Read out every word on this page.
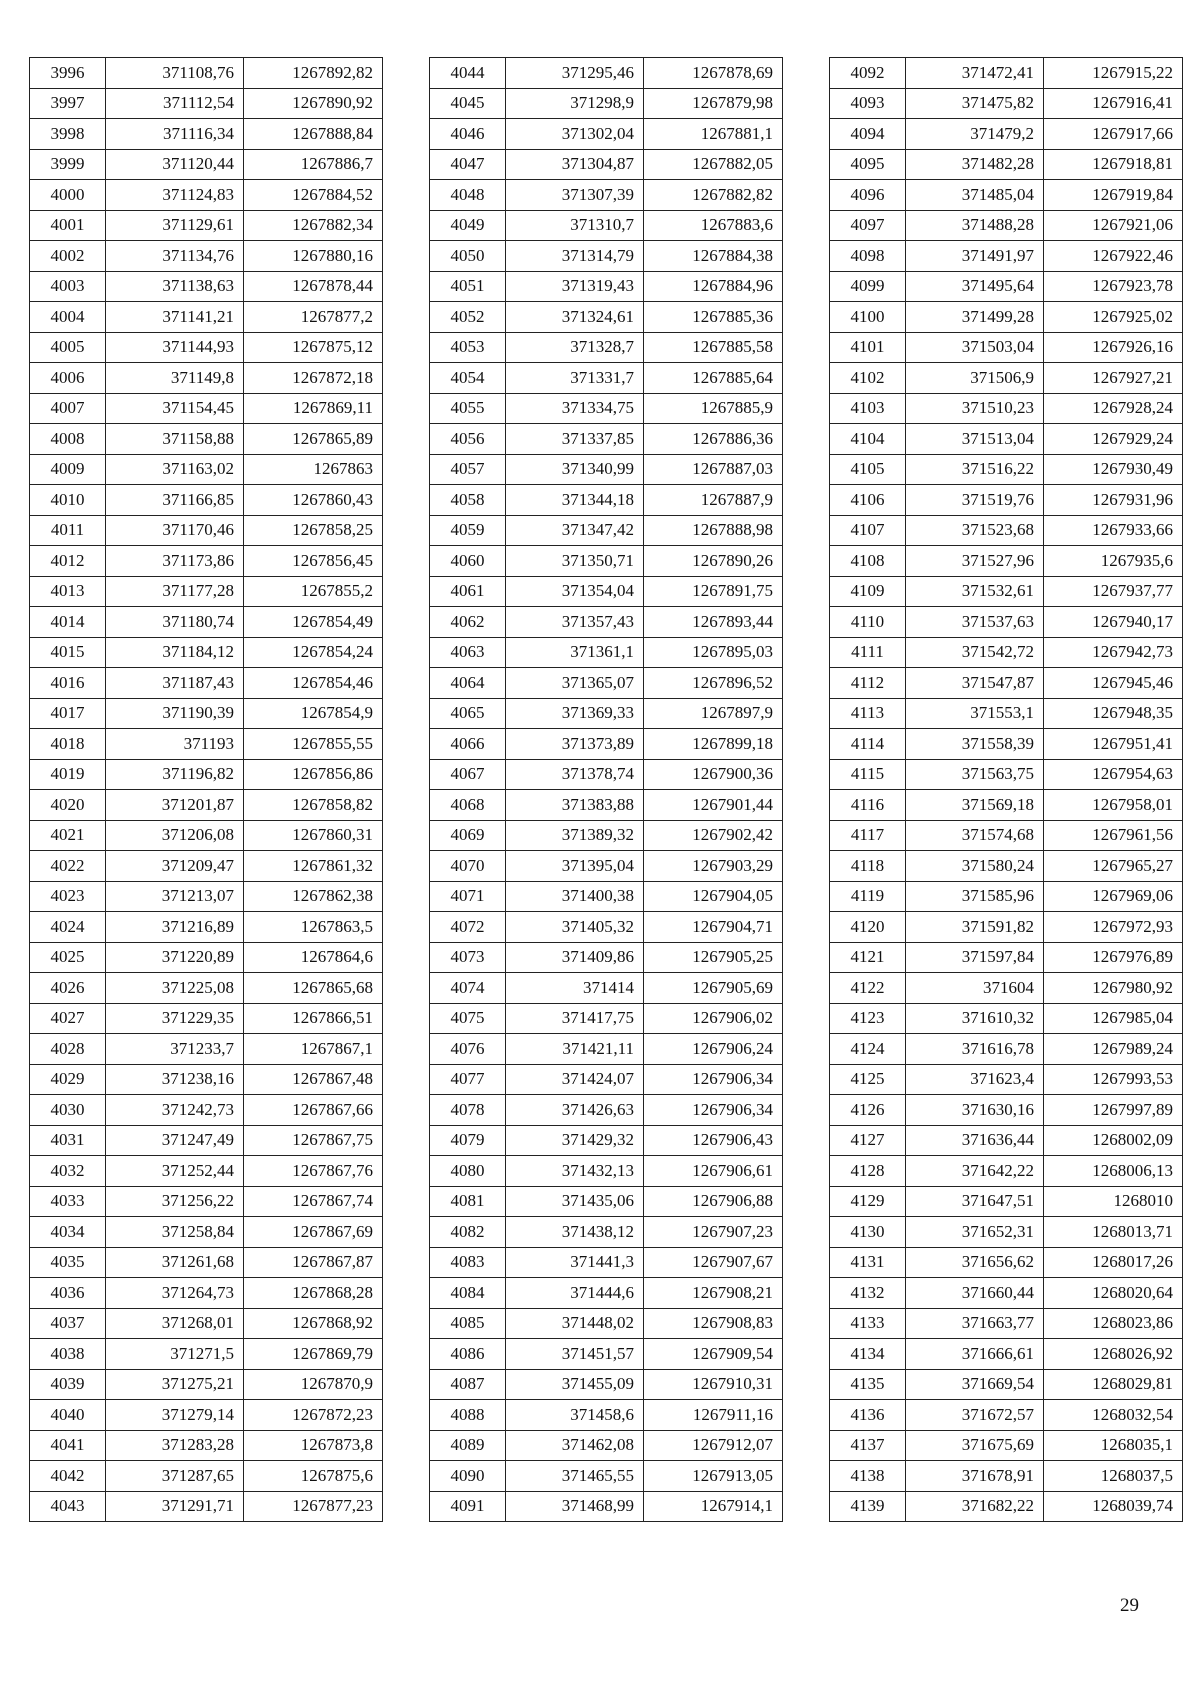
3996	371108,76	1267892,82
3997	371112,54	1267890,92
3998	371116,34	1267888,84
3999	371120,44	1267886,7
4000	371124,83	1267884,52
4001	371129,61	1267882,34
4002	371134,76	1267880,16
4003	371138,63	1267878,44
4004	371141,21	1267877,2
4005	371144,93	1267875,12
4006	371149,8	1267872,18
4007	371154,45	1267869,11
4008	371158,88	1267865,89
4009	371163,02	1267863
4010	371166,85	1267860,43
4011	371170,46	1267858,25
4012	371173,86	1267856,45
4013	371177,28	1267855,2
4014	371180,74	1267854,49
4015	371184,12	1267854,24
4016	371187,43	1267854,46
4017	371190,39	1267854,9
4018	371193	1267855,55
4019	371196,82	1267856,86
4020	371201,87	1267858,82
4021	371206,08	1267860,31
4022	371209,47	1267861,32
4023	371213,07	1267862,38
4024	371216,89	1267863,5
4025	371220,89	1267864,6
4026	371225,08	1267865,68
4027	371229,35	1267866,51
4028	371233,7	1267867,1
4029	371238,16	1267867,48
4030	371242,73	1267867,66
4031	371247,49	1267867,75
4032	371252,44	1267867,76
4033	371256,22	1267867,74
4034	371258,84	1267867,69
4035	371261,68	1267867,87
4036	371264,73	1267868,28
4037	371268,01	1267868,92
4038	371271,5	1267869,79
4039	371275,21	1267870,9
4040	371279,14	1267872,23
4041	371283,28	1267873,8
4042	371287,65	1267875,6
4043	371291,71	1267877,23
4044	371295,46	1267878,69
4045	371298,9	1267879,98
4046	371302,04	1267881,1
4047	371304,87	1267882,05
4048	371307,39	1267882,82
4049	371310,7	1267883,6
4050	371314,79	1267884,38
4051	371319,43	1267884,96
4052	371324,61	1267885,36
4053	371328,7	1267885,58
4054	371331,7	1267885,64
4055	371334,75	1267885,9
4056	371337,85	1267886,36
4057	371340,99	1267887,03
4058	371344,18	1267887,9
4059	371347,42	1267888,98
4060	371350,71	1267890,26
4061	371354,04	1267891,75
4062	371357,43	1267893,44
4063	371361,1	1267895,03
4064	371365,07	1267896,52
4065	371369,33	1267897,9
4066	371373,89	1267899,18
4067	371378,74	1267900,36
4068	371383,88	1267901,44
4069	371389,32	1267902,42
4070	371395,04	1267903,29
4071	371400,38	1267904,05
4072	371405,32	1267904,71
4073	371409,86	1267905,25
4074	371414	1267905,69
4075	371417,75	1267906,02
4076	371421,11	1267906,24
4077	371424,07	1267906,34
4078	371426,63	1267906,34
4079	371429,32	1267906,43
4080	371432,13	1267906,61
4081	371435,06	1267906,88
4082	371438,12	1267907,23
4083	371441,3	1267907,67
4084	371444,6	1267908,21
4085	371448,02	1267908,83
4086	371451,57	1267909,54
4087	371455,09	1267910,31
4088	371458,6	1267911,16
4089	371462,08	1267912,07
4090	371465,55	1267913,05
4091	371468,99	1267914,1
4092	371472,41	1267915,22
4093	371475,82	1267916,41
4094	371479,2	1267917,66
4095	371482,28	1267918,81
4096	371485,04	1267919,84
4097	371488,28	1267921,06
4098	371491,97	1267922,46
4099	371495,64	1267923,78
4100	371499,28	1267925,02
4101	371503,04	1267926,16
4102	371506,9	1267927,21
4103	371510,23	1267928,24
4104	371513,04	1267929,24
4105	371516,22	1267930,49
4106	371519,76	1267931,96
4107	371523,68	1267933,66
4108	371527,96	1267935,6
4109	371532,61	1267937,77
4110	371537,63	1267940,17
4111	371542,72	1267942,73
4112	371547,87	1267945,46
4113	371553,1	1267948,35
4114	371558,39	1267951,41
4115	371563,75	1267954,63
4116	371569,18	1267958,01
4117	371574,68	1267961,56
4118	371580,24	1267965,27
4119	371585,96	1267969,06
4120	371591,82	1267972,93
4121	371597,84	1267976,89
4122	371604	1267980,92
4123	371610,32	1267985,04
4124	371616,78	1267989,24
4125	371623,4	1267993,53
4126	371630,16	1267997,89
4127	371636,44	1268002,09
4128	371642,22	1268006,13
4129	371647,51	1268010
4130	371652,31	1268013,71
4131	371656,62	1268017,26
4132	371660,44	1268020,64
4133	371663,77	1268023,86
4134	371666,61	1268026,92
4135	371669,54	1268029,81
4136	371672,57	1268032,54
4137	371675,69	1268035,1
4138	371678,91	1268037,5
4139	371682,22	1268039,74
29
